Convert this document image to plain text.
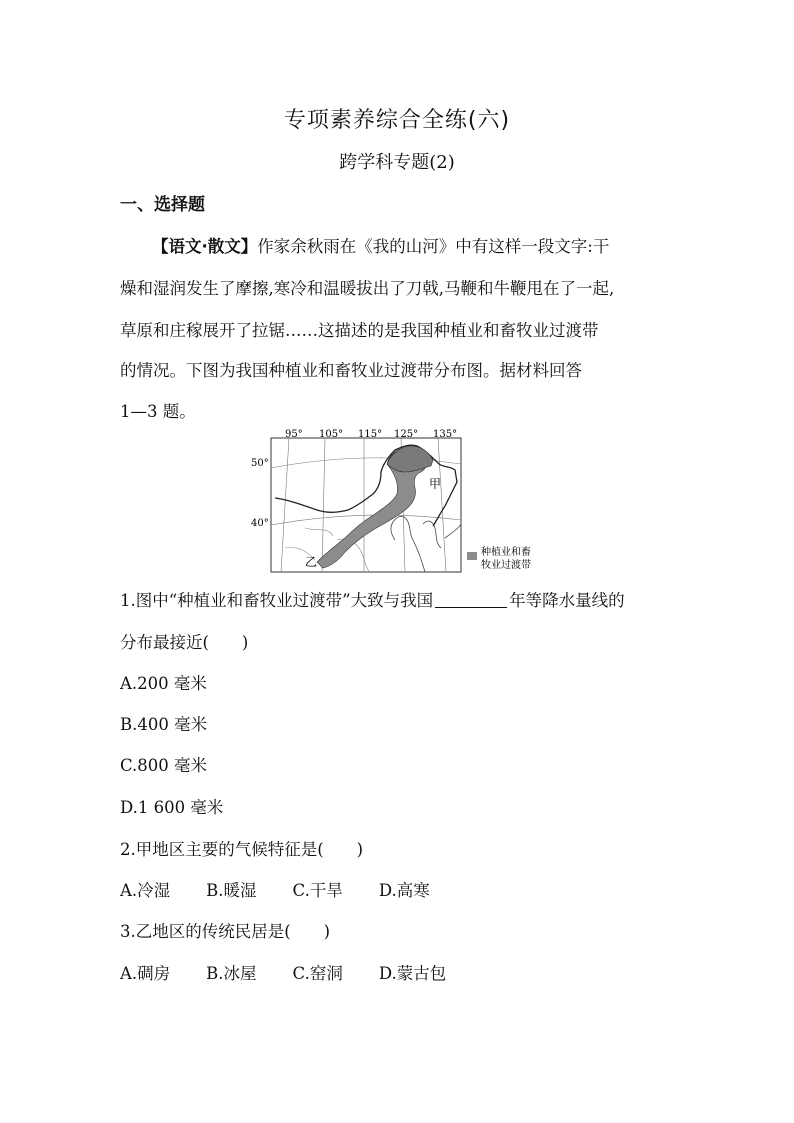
专项素养综合全练(六)
跨学科专题(2)
一、选择题
【语文·散文】作家余秋雨在《我的山河》中有这样一段文字:干
燥和湿润发生了摩擦,寒冷和温暖拔出了刀戟,马鞭和牛鞭甩在了一起,
草原和庄稼展开了拉锯……这描述的是我国种植业和畜牧业过渡带
的情况。下图为我国种植业和畜牧业过渡带分布图。据材料回答
1—3 题。
95° 105° 115° 125° 135°
50°
40°
甲
乙
种植业和畜
牧业过渡带
1.图中“种植业和畜牧业过渡带”大致与我国	年等降水量线的
分布最接近(　　)
A.200 毫米
B.400 毫米
C.800 毫米
D.1 600 毫米
2.甲地区主要的气候特征是(　　)
A.冷湿 B.暖湿 C.干旱 D.高寒
3.乙地区的传统民居是(　　)
A.碉房 B.冰屋 C.窑洞 D.蒙古包
